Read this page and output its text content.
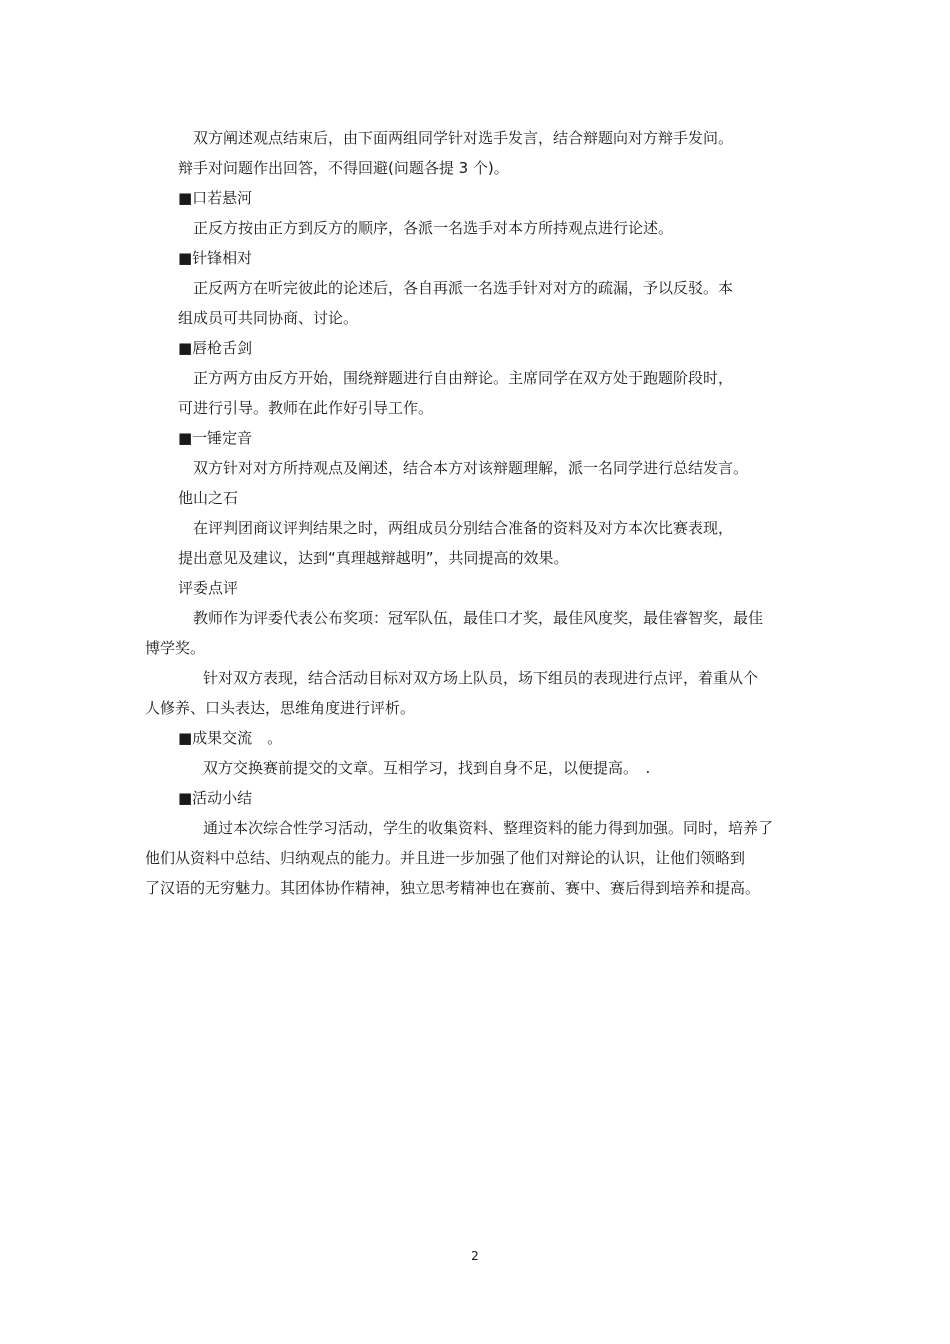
双方阐述观点结束后，由下面两组同学针对选手发言，结合辩题向对方辩手发问。
辩手对问题作出回答，不得回避(问题各提 3 个)。
■口若悬河
正反方按由正方到反方的顺序，各派一名选手对本方所持观点进行论述。
■针锋相对
正反两方在听完彼此的论述后，各自再派一名选手针对对方的疏漏，予以反驳。本
组成员可共同协商、讨论。
■唇枪舌剑
正方两方由反方开始，围绕辩题进行自由辩论。主席同学在双方处于跑题阶段时，
可进行引导。教师在此作好引导工作。
■一锤定音
双方针对对方所持观点及阐述，结合本方对该辩题理解，派一名同学进行总结发言。
他山之石
在评判团商议评判结果之时，两组成员分别结合准备的资料及对方本次比赛表现，
提出意见及建议，达到“真理越辩越明”，共同提高的效果。
评委点评
教师作为评委代表公布奖项：冠军队伍，最佳口才奖，最佳风度奖，最佳睿智奖，最佳
博学奖。
针对双方表现，结合活动目标对双方场上队员，场下组员的表现进行点评，着重从个
人修养、口头表达，思维角度进行评析。
■成果交流　。
双方交换赛前提交的文章。互相学习，找到自身不足，以便提高。　.
■活动小结
通过本次综合性学习活动，学生的收集资料、整理资料的能力得到加强。同时，培养了
他们从资料中总结、归纳观点的能力。并且进一步加强了他们对辩论的认识，让他们领略到
了汉语的无穷魅力。其团体协作精神，独立思考精神也在赛前、赛中、赛后得到培养和提高。
2
